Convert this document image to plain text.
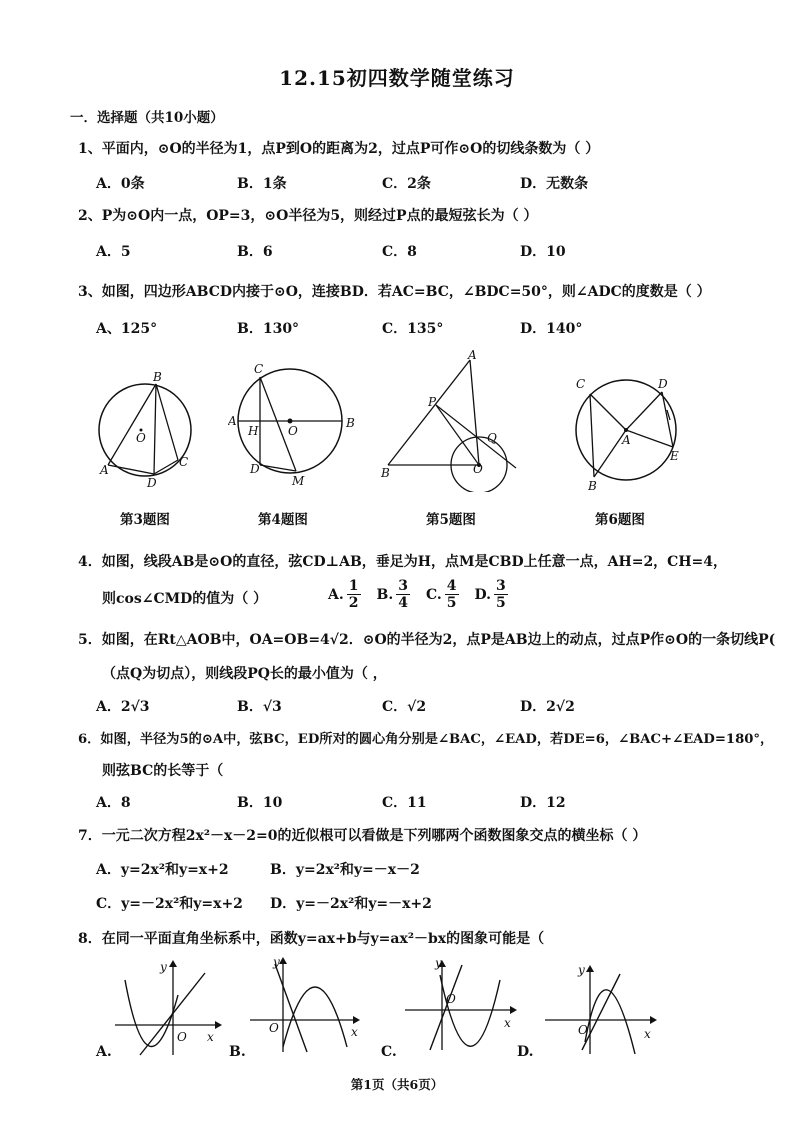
12.15初四数学随堂练习
一．选择题（共10小题）
1、平面内，⊙O的半径为1，点P到O的距离为2，过点P可作⊙O的切线条数为（ ）
A．0条	B．1条	C．2条	D．无数条
2、P为⊙O内一点，OP=3，⊙O半径为5，则经过P点的最短弦长为（ ）
A．5	B．6	C．8	D．10
3、如图，四边形ABCD内接于⊙O，连接BD．若AC=BC，∠BDC=50°，则∠ADC的度数是（ ）
A、125°	B．130°	C．135°	D．140°
B
O
A
D
C
C
A
H O
B
D
M
A
P
Q
O
B
C	D
A
E
B
第3题图	第4题图	第5题图	第6题图
4．如图，线段AB是⊙O的直径，弦CD⊥AB，垂足为H，点M是CBD上任意一点，AH=2，CH=4，
则cos∠CMD的值为（ ）	A. $\frac{1}{2} B$. $\frac{3}{4} C$. $\frac{4}{5} D$. $\frac{3}{5}$
5．如图，在Rt△AOB中，OA=OB=4√2．⊙O的半径为2，点P是AB边上的动点，过点P作⊙O的一条切线P(
（点Q为切点），则线段PQ长的最小值为（ ，
A．2√3	B．√3	C．√2	D．2√2
6．如图，半径为5的⊙A中，弦BC，ED所对的圆心角分别是∠BAC，∠EAD，若DE=6，∠BAC+∠EAD=180°，
则弦BC的长等于（
A．8	B．10	C．11	D．12
7．一元二次方程2x²－x－2=0的近似根可以看做是下列哪两个函数图象交点的横坐标（ ）
A．y=2x²和y=x+2	B．y=2x²和y=－x－2
C．y=－2x²和y=x+2 D．y=－2x²和y=－x+2
8．在同一平面直角坐标系中，函数y=ax+b与y=ax²－bx的图象可能是（
y
x
O
A.
y
x
O
B.
y
x
O
C.
y
x
O
D.
第1页（共6页）
